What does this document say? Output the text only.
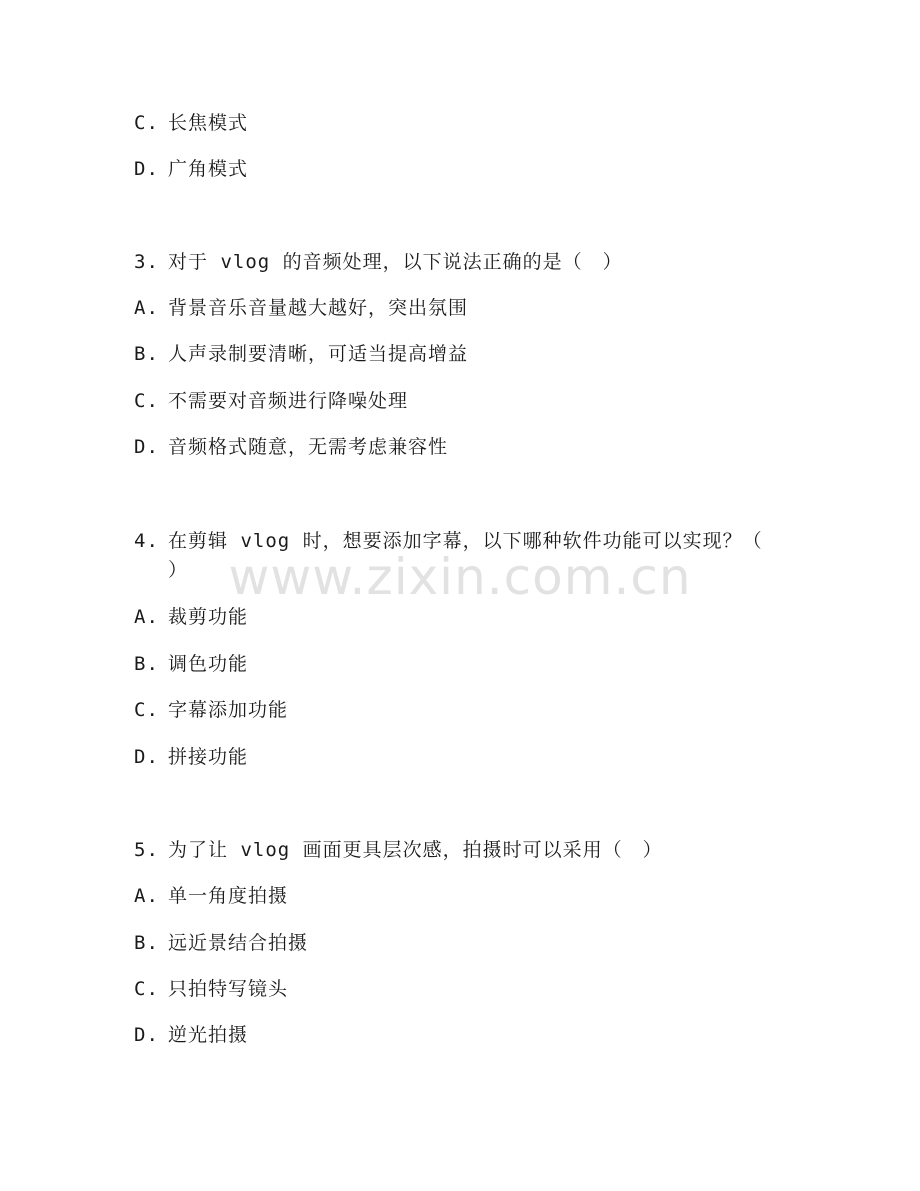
C. 长焦模式
D. 广角模式
3. 对于 vlog 的音频处理，以下说法正确的是（　）
A. 背景音乐音量越大越好，突出氛围
B. 人声录制要清晰，可适当提高增益
C. 不需要对音频进行降噪处理
D. 音频格式随意，无需考虑兼容性
4. 在剪辑 vlog 时，想要添加字幕，以下哪种软件功能可以实现？（
）
A. 裁剪功能
B. 调色功能
C. 字幕添加功能
D. 拼接功能
5. 为了让 vlog 画面更具层次感，拍摄时可以采用（　）
A. 单一角度拍摄
B. 远近景结合拍摄
C. 只拍特写镜头
D. 逆光拍摄
www.zixin.com.cn
